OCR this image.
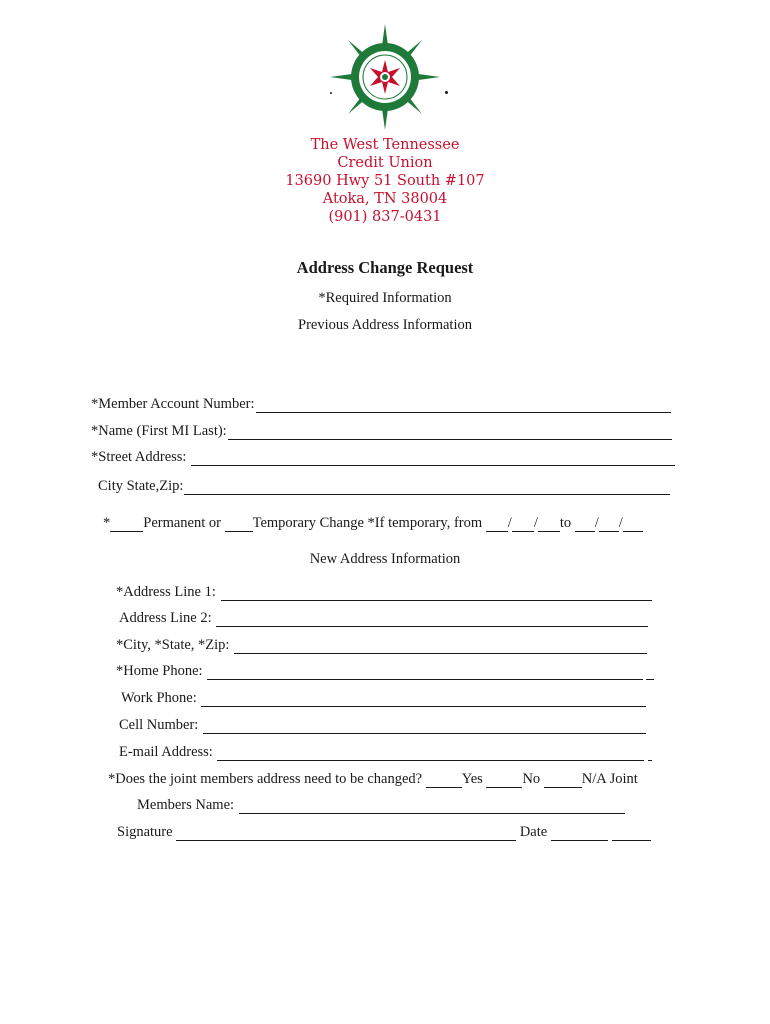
The West Tennessee
Credit Union
13690 Hwy 51 South #107
Atoka, TN 38004
(901) 837-0431
Address Change Request
*Required Information
Previous Address Information
*Member Account Number:
*Name (First MI Last):
*Street Address:
City State,Zip:
* Permanent or Temporary Change *If temporary, from / / to / /
New Address Information
*Address Line 1:
Address Line 2:
*City, *State, *Zip:
*Home Phone:
Work Phone:
Cell Number:
E-mail Address:
*Does the joint members address need to be changed? Yes No	N/A Joint
Members Name:
Signature	Date
